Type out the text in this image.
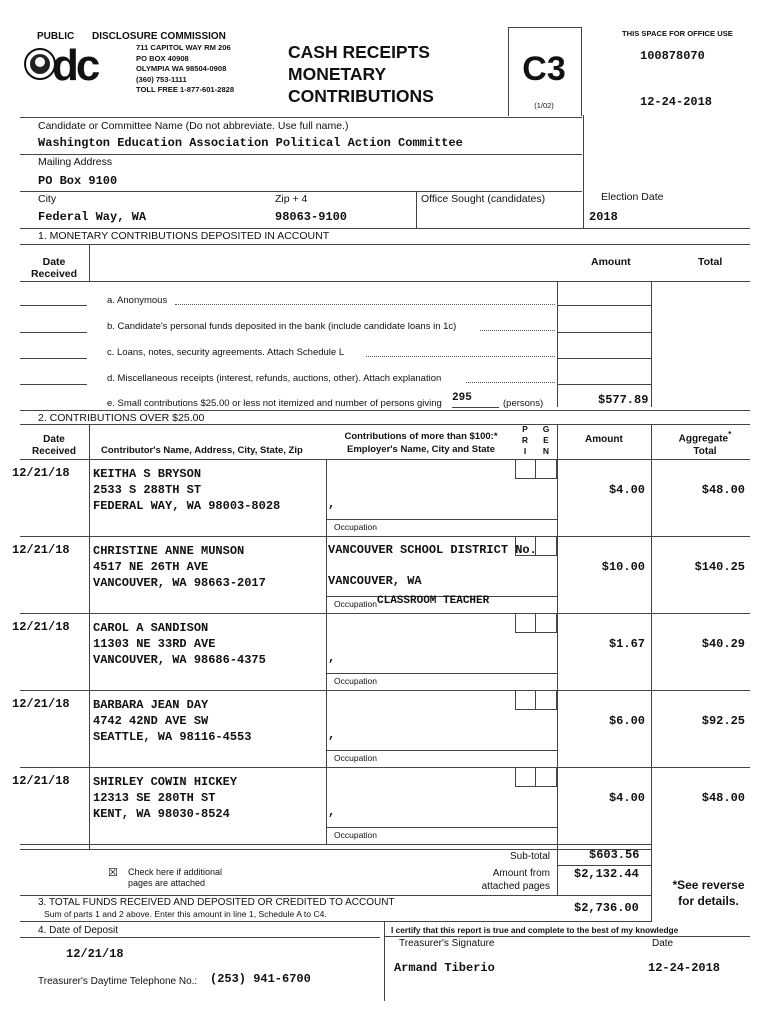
PUBLIC DISCLOSURE COMMISSION
dc	711 CAPITOL WAY RM 206
PO BOX 40908
OLYMPIA WA 98504-0908
(360) 753-1111
TOLL FREE 1-877-601-2828
CASH RECEIPTS
MONETARY
CONTRIBUTIONS
C3
(1/02)
THIS SPACE FOR OFFICE USE
100878070
12-24-2018
Candidate or Committee Name (Do not abbreviate. Use full name.)
Washington Education Association Political Action Committee
Mailing Address
PO Box 9100
City	Zip + 4	Office Sought (candidates)	Election Date
Federal Way, WA	98063-9100	2018
1. MONETARY CONTRIBUTIONS DEPOSITED IN ACCOUNT
Date
Received
Amount	Total
a. Anonymous
b. Candidate's personal funds deposited in the bank (include candidate loans in 1c)
c. Loans, notes, security agreements. Attach Schedule L
d. Miscellaneous receipts (interest, refunds, auctions, other). Attach explanation
e. Small contributions $25.00 or less not itemized and number of persons giving 295	(persons)	$577.89
2. CONTRIBUTIONS OVER $25.00
Date
Received	Contributor's Name, Address, City, State, Zip
Contributions of more than $100:*
Employer's Name, City and State
P
R
I
G
E
N
Amount	Aggregate*
Total
12/21/18 KEITHA S BRYSON
2533 S 288TH ST
FEDERAL WAY, WA 98003-8028	,
Occupation
$4.00	$48.00
12/21/18 CHRISTINE ANNE MUNSON
4517 NE 26TH AVE
VANCOUVER, WA 98663-2017
VANCOUVER SCHOOL DISTRICT No.
VANCOUVER, WA
OccupationCLASSROOM TEACHER
$10.00	$140.25
12/21/18 CAROL A SANDISON
11303 NE 33RD AVE
VANCOUVER, WA 98686-4375	,
Occupation
$1.67	$40.29
12/21/18 BARBARA JEAN DAY
4742 42ND AVE SW
SEATTLE, WA 98116-4553	,
Occupation
$6.00	$92.25
12/21/18 SHIRLEY COWIN HICKEY
12313 SE 280TH ST
KENT, WA 98030-8524	,
Occupation
$4.00	$48.00
☒ Check here if additional
pages are attached
Sub-total	$603.56
Amount from
attached pages
$2,132.44
*See reverse
for details.
3. TOTAL FUNDS RECEIVED AND DEPOSITED OR CREDITED TO ACCOUNT
Sum of parts 1 and 2 above. Enter this amount in line 1, Schedule A to C4.	$2,736.00
4. Date of Deposit
12/21/18
I certify that this report is true and complete to the best of my knowledge
Treasurer's Signature	Date
Armand Tiberio	12-24-2018
Treasurer's Daytime Telephone No.: (253) 941-6700
